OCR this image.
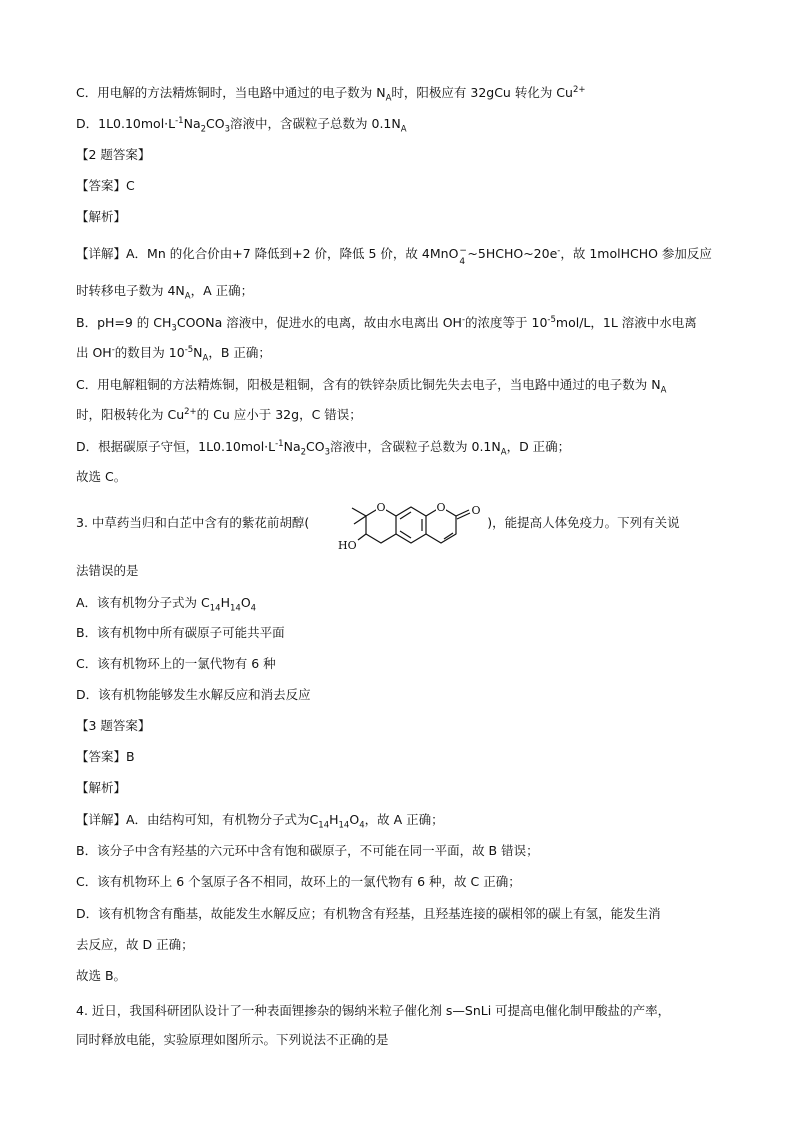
C．用电解的方法精炼铜时，当电路中通过的电子数为 $N_A$时，阳极应有 32gCu 转化为 $Cu^{2+}$
D．$1L0.10mol\cdot L^{-1}Na_2CO_3$溶液中，含碳粒子总数为 $0.1N_A$
【2 题答案】
【答案】C
【解析】
【详解】A．Mn 的化合价由+7 降低到+2 价，降低 5 价，故 4MnO −
4
~5HCHO~20e-，故 1molHCHO 参加反应
时转移电子数为 $4N_A$，A 正确；
B．pH=9 的 $CH_3COONa$ 溶液中，促进水的电离，故由水电离出 OH-的浓度等于 $10^{-5}mol/L$，1L 溶液中水电离
出 OH-的数目为 $10^{-5}N_A$，B 正确；
C．用电解粗铜的方法精炼铜，阳极是粗铜，含有的铁锌杂质比铜先失去电子，当电路中通过的电子数为 $N_A$
时，阳极转化为 $Cu^{2+}$的 Cu 应小于 32g，C 错误；
D．根据碳原子守恒，$1L0.10mol\cdot L^{-1}Na_2CO_3$溶液中，含碳粒子总数为 $0.1N_A$，D 正确；
故选 C。
3. 中草药当归和白芷中含有的紫花前胡醇(	)，能提高人体免疫力。下列有关说
O	O O
HO
法错误的是
A．该有机物分子式为 $C_{14}H_{14}O_4$
B．该有机物中所有碳原子可能共平面
C．该有机物环上的一氯代物有 6 种
D．该有机物能够发生水解反应和消去反应
【3 题答案】
【答案】B
【解析】
【详解】A．由结构可知，有机物分子式为$C_{14}H_{14}O_4$，故 A 正确；
B．该分子中含有羟基的六元环中含有饱和碳原子，不可能在同一平面，故 B 错误；
C．该有机物环上 6 个氢原子各不相同，故环上的一氯代物有 6 种，故 C 正确；
D．该有机物含有酯基，故能发生水解反应；有机物含有羟基，且羟基连接的碳相邻的碳上有氢，能发生消
去反应，故 D 正确；
故选 B。
4. 近日，我国科研团队设计了一种表面锂掺杂的锡纳米粒子催化剂 s—SnLi 可提高电催化制甲酸盐的产率，
同时释放电能，实验原理如图所示。下列说法不正确的是
